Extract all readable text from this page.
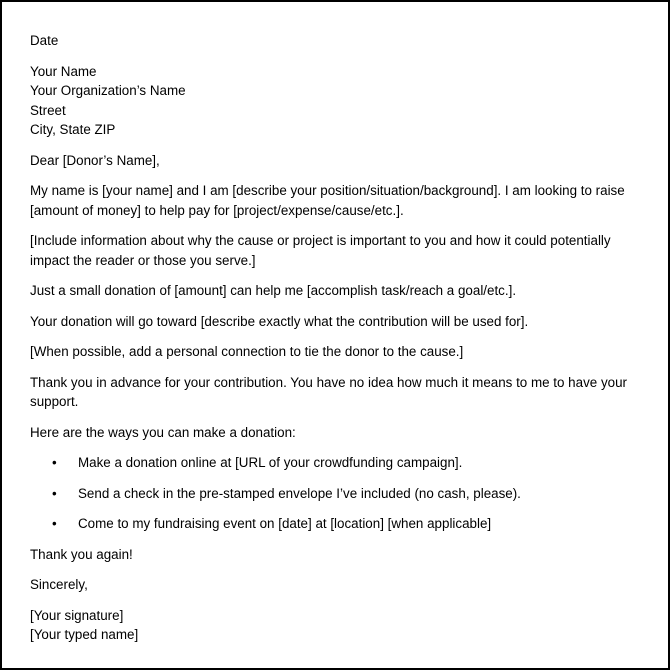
Date

Your Name
Your Organization’s Name
Street
City, State ZIP

Dear [Donor’s Name],

My name is [your name] and I am [describe your position/situation/background]. I am looking to raise
[amount of money] to help pay for [project/expense/cause/etc.].

[Include information about why the cause or project is important to you and how it could potentially
impact the reader or those you serve.]

Just a small donation of [amount] can help me [accomplish task/reach a goal/etc.].

Your donation will go toward [describe exactly what the contribution will be used for].

[When possible, add a personal connection to tie the donor to the cause.]

Thank you in advance for your contribution. You have no idea how much it means to me to have your
support.

Here are the ways you can make a donation:

• Make a donation online at [URL of your crowdfunding campaign].
• Send a check in the pre-stamped envelope I’ve included (no cash, please).
• Come to my fundraising event on [date] at [location] [when applicable]

Thank you again!

Sincerely,

[Your signature]
[Your typed name]
